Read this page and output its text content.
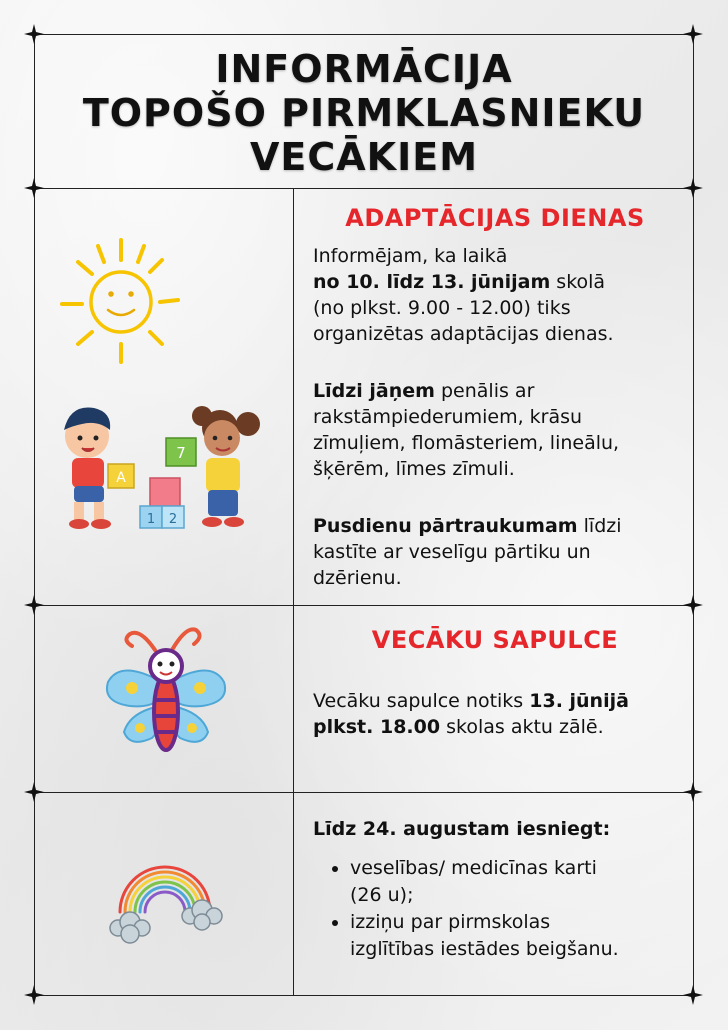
INFORMĀCIJA
TOPOŠO PIRMKLASNIEKU
VECĀKIEM
A
1 2
7
ADAPTĀCIJAS DIENAS
Informējam, ka laikā
no 10. līdz 13. jūnijam skolā
(no plkst. 9.00 - 12.00) tiks
organizētas adaptācijas dienas.
Līdzi jāņem penālis ar
rakstāmpiederumiem, krāsu
zīmuļiem, flomāsteriem, lineālu,
šķērēm, līmes zīmuli.
Pusdienu pārtraukumam līdzi
kastīte ar veselīgu pārtiku un
dzērienu.
VECĀKU SAPULCE
Vecāku sapulce notiks 13. jūnijā
plkst. 18.00 skolas aktu zālē.
Līdz 24. augustam iesniegt:
• veselības/ medicīnas karti
(26 u);
• izziņu par pirmskolas
izglītības iestādes beigšanu.
